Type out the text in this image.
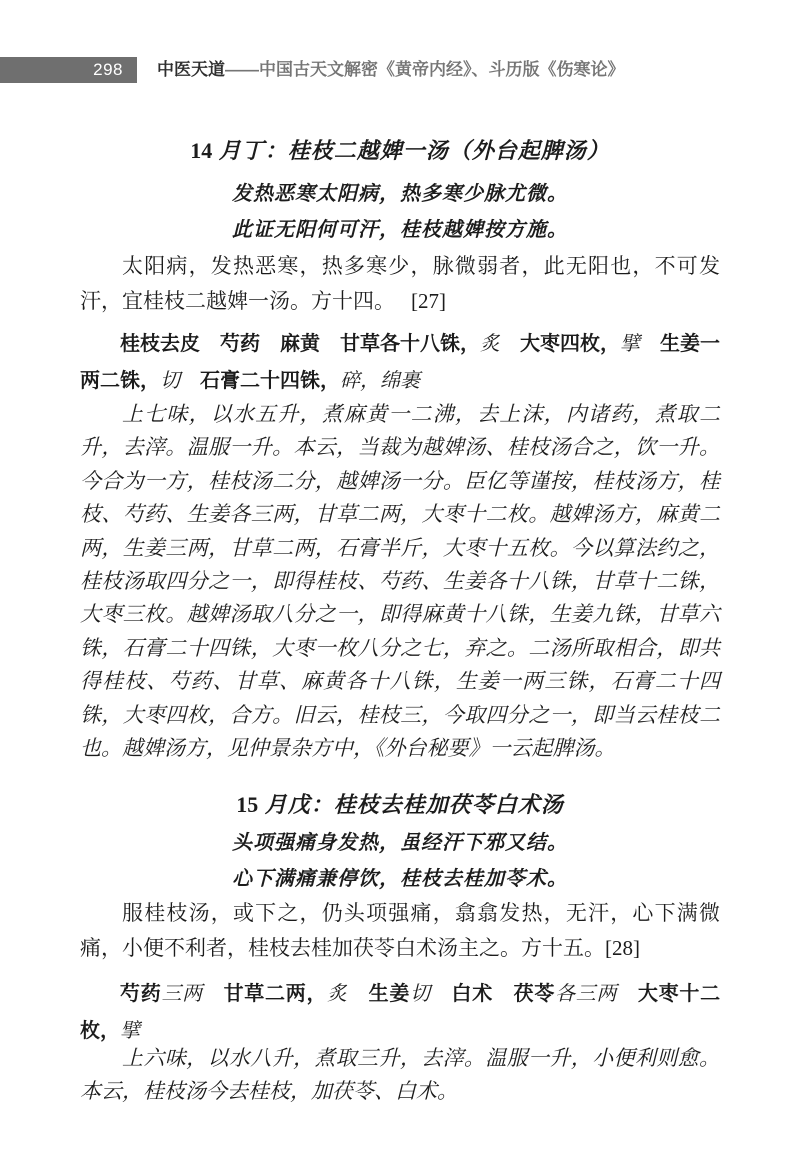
298	中医天道——中国古天文解密《黄帝内经》、斗历版《伤寒论》
14 月丁：桂枝二越婢一汤（外台起脾汤）
发热恶寒太阳病，热多寒少脉尤微。
此证无阳何可汗，桂枝越婢按方施。
太阳病，发热恶寒，热多寒少，脉微弱者，此无阳也，不可发汗，宜桂枝二越婢一汤。方十四。 [27]
桂枝去皮　芍药　麻黄　甘草各十八铢，炙　大枣四枚，擘　生姜一两二铢，切　石膏二十四铢，碎，绵裹
上七味，以水五升，煮麻黄一二沸，去上沫，内诸药，煮取二升，去滓。温服一升。本云，当裁为越婢汤、桂枝汤合之，饮一升。今合为一方，桂枝汤二分，越婢汤一分。臣亿等谨按，桂枝汤方，桂枝、芍药、生姜各三两，甘草二两，大枣十二枚。越婢汤方，麻黄二两，生姜三两，甘草二两，石膏半斤，大枣十五枚。今以算法约之，桂枝汤取四分之一，即得桂枝、芍药、生姜各十八铢，甘草十二铢，大枣三枚。越婢汤取八分之一，即得麻黄十八铢，生姜九铢，甘草六铢，石膏二十四铢，大枣一枚八分之七，弃之。二汤所取相合，即共得桂枝、芍药、甘草、麻黄各十八铢，生姜一两三铢，石膏二十四铢，大枣四枚，合方。旧云，桂枝三，今取四分之一，即当云桂枝二也。越婢汤方，见仲景杂方中，《外台秘要》一云起脾汤。
15 月戊：桂枝去桂加茯苓白术汤
头项强痛身发热，虽经汗下邪又结。
心下满痛兼停饮，桂枝去桂加苓术。
服桂枝汤，或下之，仍头项强痛，翕翕发热，无汗，心下满微痛，小便不利者，桂枝去桂加茯苓白术汤主之。方十五。[28]
芍药三两　甘草二两，炙　生姜切　白术　茯苓各三两　大枣十二枚，擘
上六味，以水八升，煮取三升，去滓。温服一升，小便利则愈。本云，桂枝汤今去桂枝，加茯苓、白术。
